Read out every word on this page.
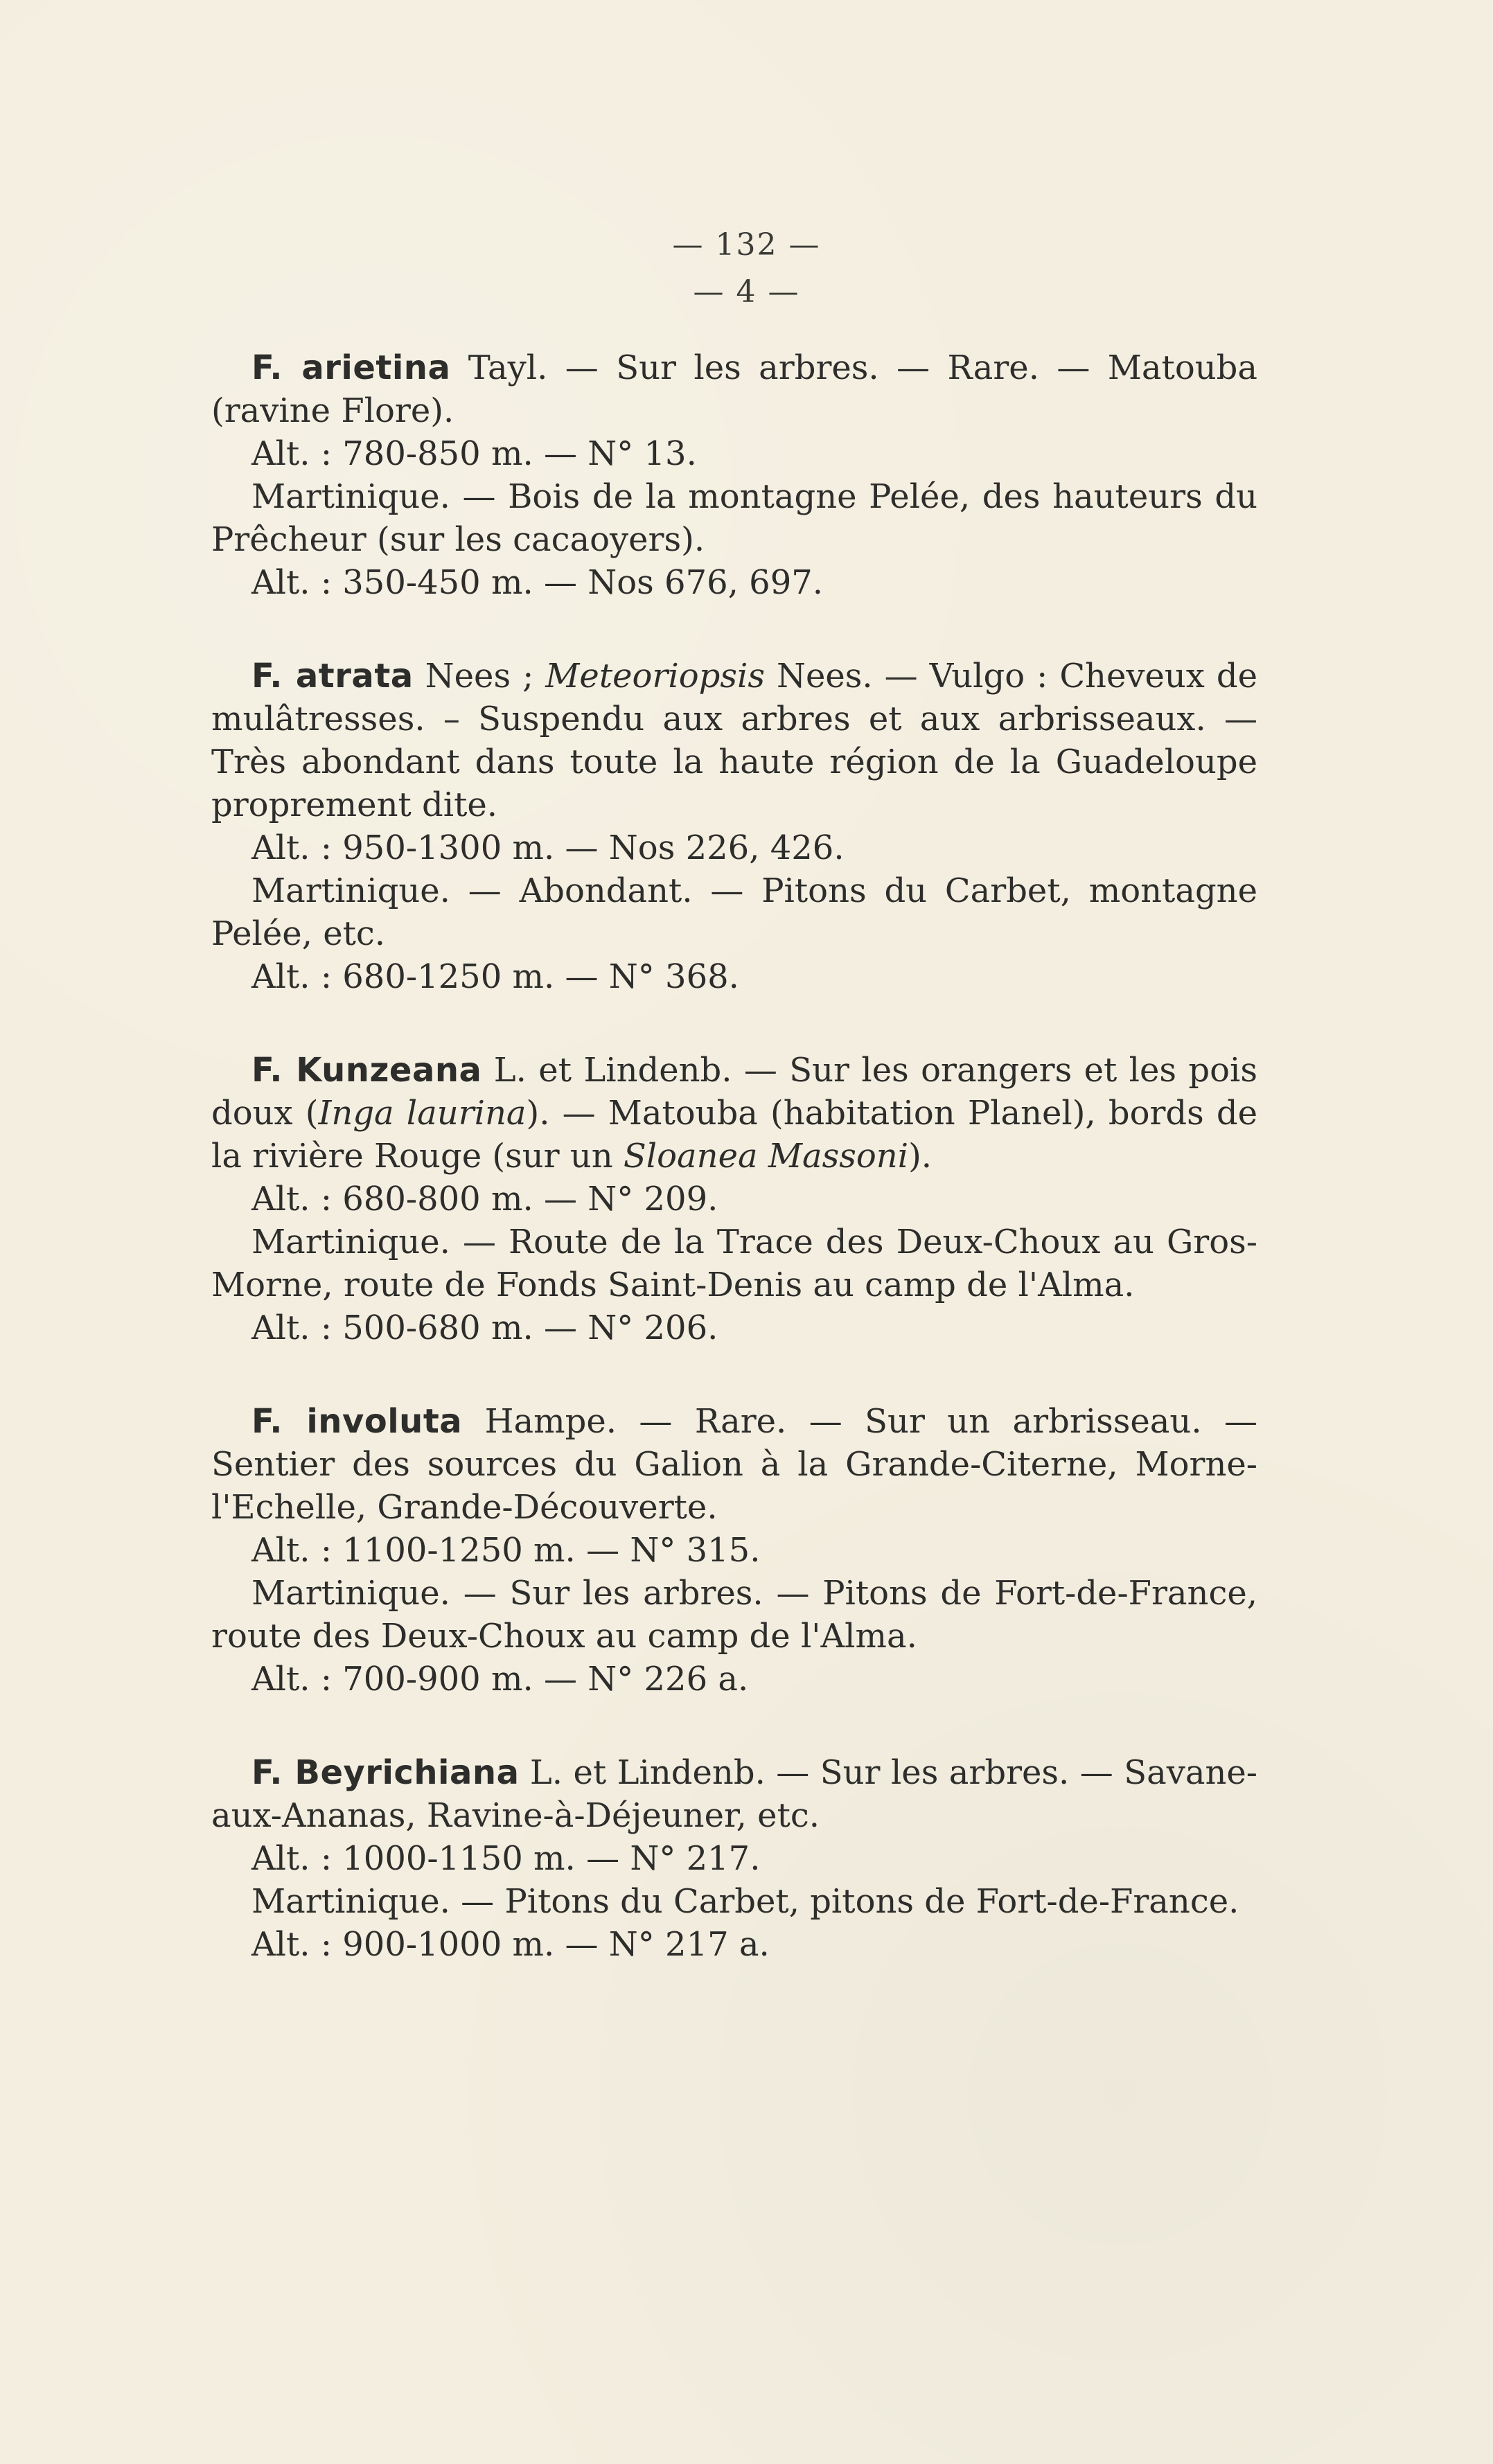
— 132 —
— 4 —

F. arietina Tayl. — Sur les arbres. — Rare. — Matouba (ravine Flore).

Alt. : 780-850 m. — N° 13.

Martinique. — Bois de la montagne Pelée, des hauteurs du Prêcheur (sur les cacaoyers).

Alt. : 350-450 m. — Nos 676, 697.

F. atrata Nees ; Meteoriopsis Nees. — Vulgo : Cheveux de mulâtresses. – Suspendu aux arbres et aux arbrisseaux. — Très abondant dans toute la haute région de la Guadeloupe proprement dite.

Alt. : 950-1300 m. — Nos 226, 426.

Martinique. — Abondant. — Pitons du Carbet, montagne Pelée, etc.

Alt. : 680-1250 m. — N° 368.

F. Kunzeana L. et Lindenb. — Sur les orangers et les pois doux (Inga laurina). — Matouba (habitation Planel), bords de la rivière Rouge (sur un Sloanea Massoni).

Alt. : 680-800 m. — N° 209.

Martinique. — Route de la Trace des Deux-Choux au Gros-Morne, route de Fonds Saint-Denis au camp de l'Alma.

Alt. : 500-680 m. — N° 206.

F. involuta Hampe. — Rare. — Sur un arbrisseau. — Sentier des sources du Galion à la Grande-Citerne, Morne-l'Echelle, Grande-Découverte.

Alt. : 1100-1250 m. — N° 315.

Martinique. — Sur les arbres. — Pitons de Fort-de-France, route des Deux-Choux au camp de l'Alma.

Alt. : 700-900 m. — N° 226 a.

F. Beyrichiana L. et Lindenb. — Sur les arbres. — Savane-aux-Ananas, Ravine-à-Déjeuner, etc.

Alt. : 1000-1150 m. — N° 217.

Martinique. — Pitons du Carbet, pitons de Fort-de-France.

Alt. : 900-1000 m. — N° 217 a.
